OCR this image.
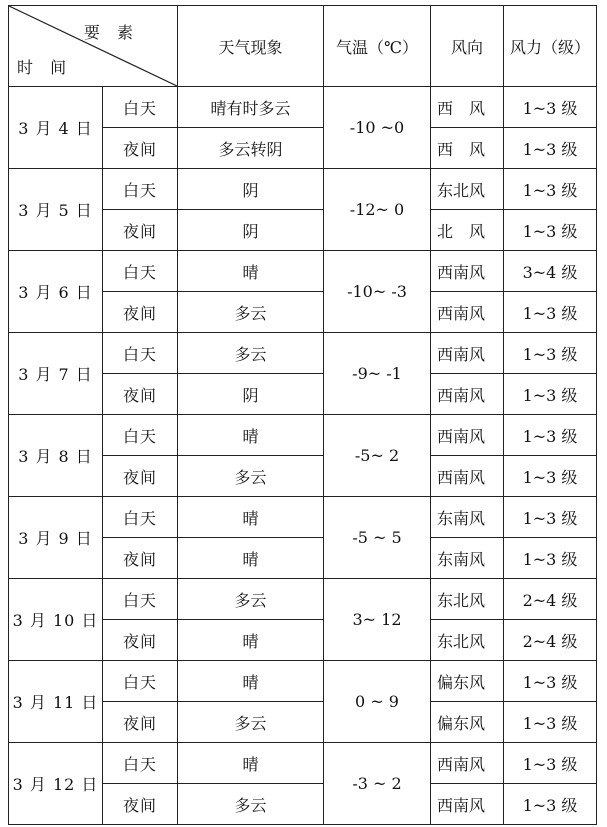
要 素
时 间		天气现象	气温（℃）	风向	风力（级）
3 月 4 日	白天	晴有时多云	-10 ~0	西　风	1~3 级
	夜间	多云转阴		西　风	1~3 级
3 月 5 日	白天	阴	-12~ 0	东北风	1~3 级
	夜间	阴		北　风	1~3 级
3 月 6 日	白天	晴	-10~ -3	西南风	3~4 级
	夜间	多云		西南风	1~3 级
3 月 7 日	白天	多云	-9~ -1	西南风	1~3 级
	夜间	阴		西南风	1~3 级
3 月 8 日	白天	晴	-5~ 2	西南风	1~3 级
	夜间	多云		西南风	1~3 级
3 月 9 日	白天	晴	-5 ~ 5	东南风	1~3 级
	夜间	晴		东南风	1~3 级
3 月 10 日	白天	多云	3~ 12	东北风	2~4 级
	夜间	晴		东北风	2~4 级
3 月 11 日	白天	晴	0 ~ 9	偏东风	1~3 级
	夜间	多云		偏东风	1~3 级
3 月 12 日	白天	晴	-3 ~ 2	西南风	1~3 级
	夜间	多云		西南风	1~3 级
